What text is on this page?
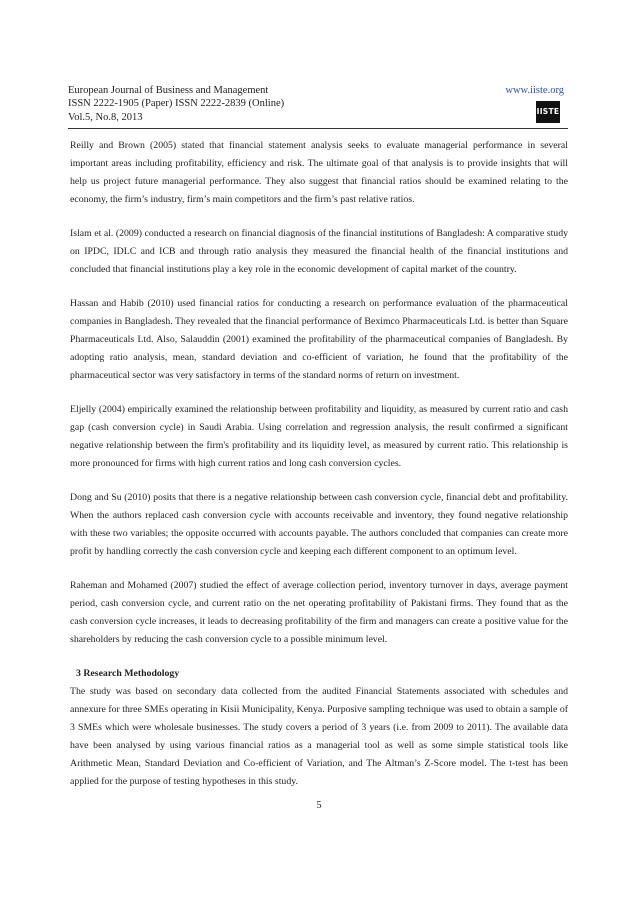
European Journal of Business and Management
ISSN 2222-1905 (Paper) ISSN 2222-2839 (Online)
Vol.5, No.8, 2013
www.iiste.org
IISTE

Reilly and Brown (2005) stated that financial statement analysis seeks to evaluate managerial performance in several important areas including profitability, efficiency and risk. The ultimate goal of that analysis is to provide insights that will help us project future managerial performance. They also suggest that financial ratios should be examined relating to the economy, the firm’s industry, firm’s main competitors and the firm’s past relative ratios.

Islam et al. (2009) conducted a research on financial diagnosis of the financial institutions of Bangladesh: A comparative study on IPDC, IDLC and ICB and through ratio analysis they measured the financial health of the financial institutions and concluded that financial institutions play a key role in the economic development of capital market of the country.

Hassan and Habib (2010) used financial ratios for conducting a research on performance evaluation of the pharmaceutical companies in Bangladesh. They revealed that the financial performance of Beximco Pharmaceuticals Ltd. is better than Square Pharmaceuticals Ltd. Also, Salauddin (2001) examined the profitability of the pharmaceutical companies of Bangladesh. By adopting ratio analysis, mean, standard deviation and co-efficient of variation, he found that the profitability of the pharmaceutical sector was very satisfactory in terms of the standard norms of return on investment.

Eljelly (2004) empirically examined the relationship between profitability and liquidity, as measured by current ratio and cash gap (cash conversion cycle) in Saudi Arabia. Using correlation and regression analysis, the result confirmed a significant negative relationship between the firm's profitability and its liquidity level, as measured by current ratio. This relationship is more pronounced for firms with high current ratios and long cash conversion cycles.

Dong and Su (2010) posits that there is a negative relationship between cash conversion cycle, financial debt and profitability. When the authors replaced cash conversion cycle with accounts receivable and inventory, they found negative relationship with these two variables; the opposite occurred with accounts payable. The authors concluded that companies can create more profit by handling correctly the cash conversion cycle and keeping each different component to an optimum level.

Raheman and Mohamed (2007) studied the effect of average collection period, inventory turnover in days, average payment period, cash conversion cycle, and current ratio on the net operating profitability of Pakistani firms. They found that as the cash conversion cycle increases, it leads to decreasing profitability of the firm and managers can create a positive value for the shareholders by reducing the cash conversion cycle to a possible minimum level.

3 Research Methodology

The study was based on secondary data collected from the audited Financial Statements associated with schedules and annexure for three SMEs operating in Kisii Municipality, Kenya. Purposive sampling technique was used to obtain a sample of 3 SMEs which were wholesale businesses. The study covers a period of 3 years (i.e. from 2009 to 2011). The available data have been analysed by using various financial ratios as a managerial tool as well as some simple statistical tools like Arithmetic Mean, Standard Deviation and Co-efficient of Variation, and The Altman’s Z-Score model. The t-test has been applied for the purpose of testing hypotheses in this study.

5
